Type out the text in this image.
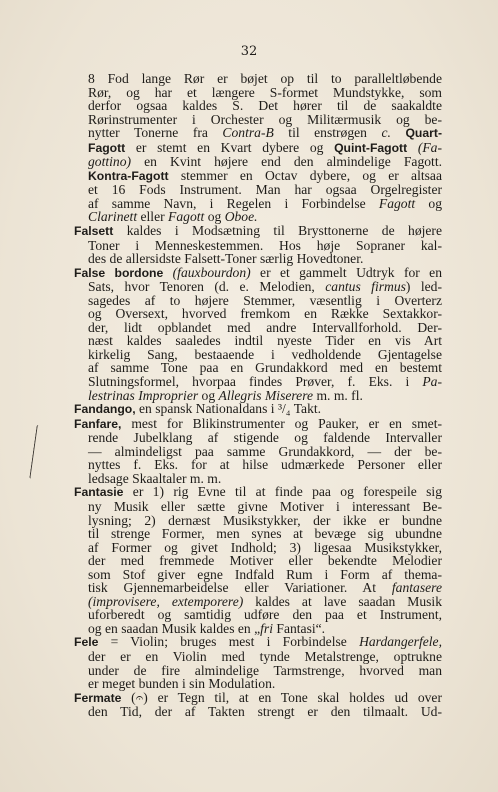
32
8 Fod lange Rør er bøjet op til to paralleltløbende
Rør, og har et længere S-formet Mundstykke, som
derfor ogsaa kaldes S. Det hører til de saakaldte
Rørinstrumenter i Orchester og Militærmusik og be-
nytter Tonerne fra Contra-B til enstrøgen c. Quart-
Fagott er stemt en Kvart dybere og Quint-Fagott (Fa-
gottino) en Kvint højere end den almindelige Fagott.
Kontra-Fagott stemmer en Octav dybere, og er altsaa
et 16 Fods Instrument. Man har ogsaa Orgelregister
af samme Navn, i Regelen i Forbindelse Fagott og
Clarinett eller Fagott og Oboe.
Falsett kaldes i Modsætning til Brysttonerne de højere
Toner i Menneskestemmen. Hos høje Sopraner kal-
des de allersidste Falsett-Toner særlig Hovedtoner.
False bordone (fauxbourdon) er et gammelt Udtryk for en
Sats, hvor Tenoren (d. e. Melodien, cantus firmus) led-
sagedes af to højere Stemmer, væsentlig i Overterz
og Oversext, hvorved fremkom en Række Sextakkor-
der, lidt opblandet med andre Intervallforhold. Der-
næst kaldes saaledes indtil nyeste Tider en vis Art
kirkelig Sang, bestaaende i vedholdende Gjentagelse
af samme Tone paa en Grundakkord med en bestemt
Slutningsformel, hvorpaa findes Prøver, f. Eks. i Pa-
lestrinas Improprier og Allegris Miserere m. m. fl.
Fandango, en spansk Nationaldans i ³/₄ Takt.
Fanfare, mest for Blikinstrumenter og Pauker, er en smet-
rende Jubelklang af stigende og faldende Intervaller
— almindeligst paa samme Grundakkord, — der be-
nyttes f. Eks. for at hilse udmærkede Personer eller
ledsage Skaaltaler m. m.
Fantasie er 1) rig Evne til at finde paa og forespeile sig
ny Musik eller sætte givne Motiver i interessant Be-
lysning; 2) dernæst Musikstykker, der ikke er bundne
til strenge Former, men synes at bevæge sig ubundne
af Former og givet Indhold; 3) ligesaa Musikstykker,
der med fremmede Motiver eller bekendte Melodier
som Stof giver egne Indfald Rum i Form af thema-
tisk Gjennemarbeidelse eller Variationer. At fantasere
(improvisere, extemporere) kaldes at lave saadan Musik
uforberedt og samtidig udføre den paa et Instrument,
og en saadan Musik kaldes en „fri Fantasi“.
Fele = Violin; bruges mest i Forbindelse Hardangerfele,
der er en Violin med tynde Metalstrenge, optrukne
under de fire almindelige Tarmstrenge, hvorved man
er meget bunden i sin Modulation.
Fermate (𝄐) er Tegn til, at en Tone skal holdes ud over
den Tid, der af Takten strengt er den tilmaalt. Ud-
